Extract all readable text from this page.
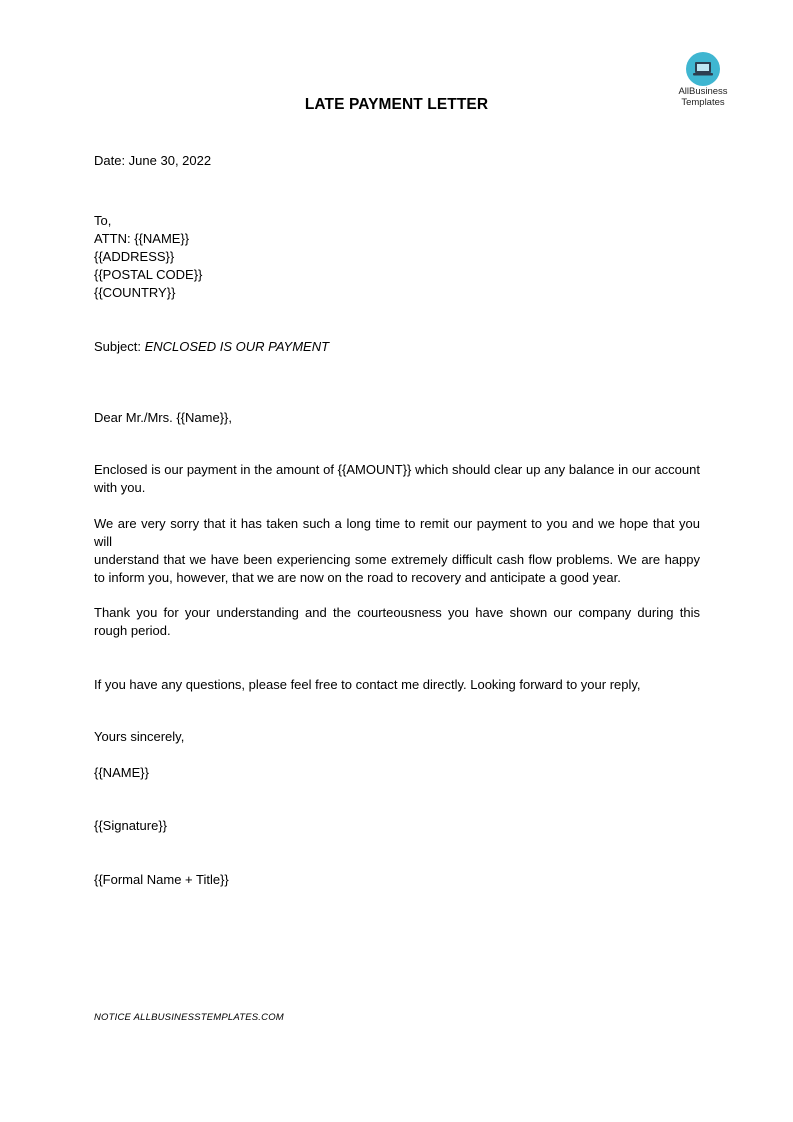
AllBusiness
Templates
LATE PAYMENT LETTER
Date: June 30, 2022
To,
ATTN: {{NAME}}
{{ADDRESS}}
{{POSTAL CODE}}
{{COUNTRY}}
Subject: ENCLOSED IS OUR PAYMENT
Dear Mr./Mrs. {{Name}},
Enclosed is our payment in the amount of {{AMOUNT}} which should clear up any balance in our account with you.
We are very sorry that it has taken such a long time to remit our payment to you and we hope that you will
understand that we have been experiencing some extremely difficult cash flow problems. We are happy to inform you, however, that we are now on the road to recovery and anticipate a good year.
Thank you for your understanding and the courteousness you have shown our company during this rough period.
If you have any questions, please feel free to contact me directly. Looking forward to your reply,
Yours sincerely,
{{NAME}}
{{Signature}}
{{Formal Name + Title}}
NOTICE ALLBUSINESSTEMPLATES.COM
